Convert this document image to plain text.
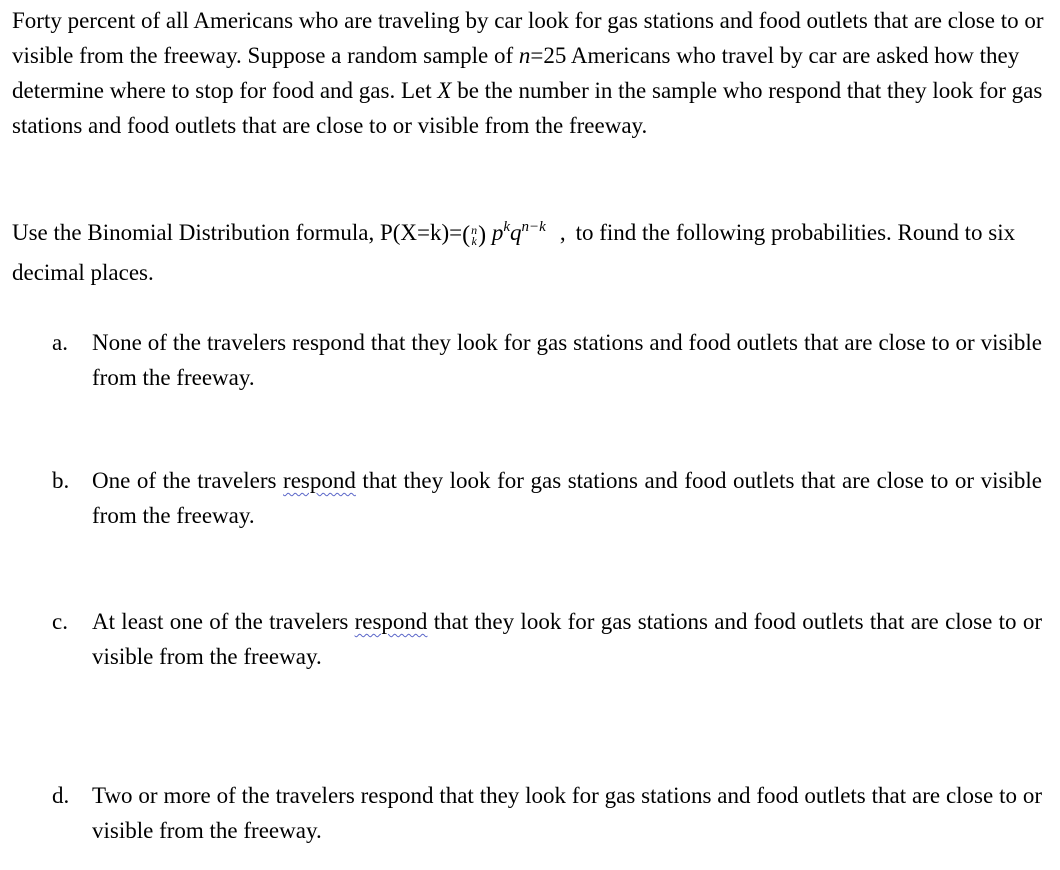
Forty percent of all Americans who are traveling by car look for gas stations and food outlets that are close to or visible from the freeway. Suppose a random sample of n=25 Americans who travel by car are asked how they determine where to stop for food and gas. Let X be the number in the sample who respond that they look for gas stations and food outlets that are close to or visible from the freeway.

Use the Binomial Distribution formula, P(X=k)= ( n
k ) $p^kq^{n-k}$ , to find the following probabilities. Round to six decimal places.

a.	None of the travelers respond that they look for gas stations and food outlets that are close to or visible from the freeway.
b. One of the travelers respond that they look for gas stations and food outlets that are close to or visible from the freeway.
c.	At least one of the travelers respond that they look for gas stations and food outlets that are close to or visible from the freeway.
d. Two or more of the travelers respond that they look for gas stations and food outlets that are close to or visible from the freeway.
